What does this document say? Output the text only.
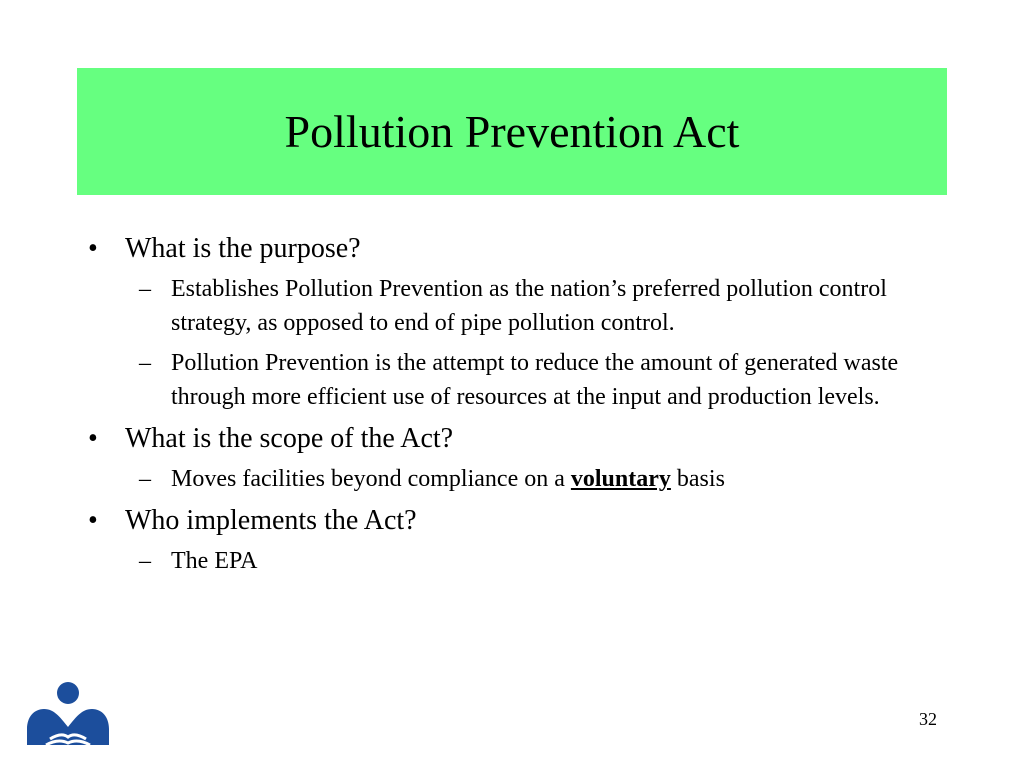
Pollution Prevention Act
• What is the purpose?
– Establishes Pollution Prevention as the nation’s preferred pollution control strategy, as opposed to end of pipe pollution control.
– Pollution Prevention is the attempt to reduce the amount of generated waste through more efficient use of resources at the input and production levels.
• What is the scope of the Act?
– Moves facilities beyond compliance on a voluntary basis
• Who implements the Act?
– The EPA
32
